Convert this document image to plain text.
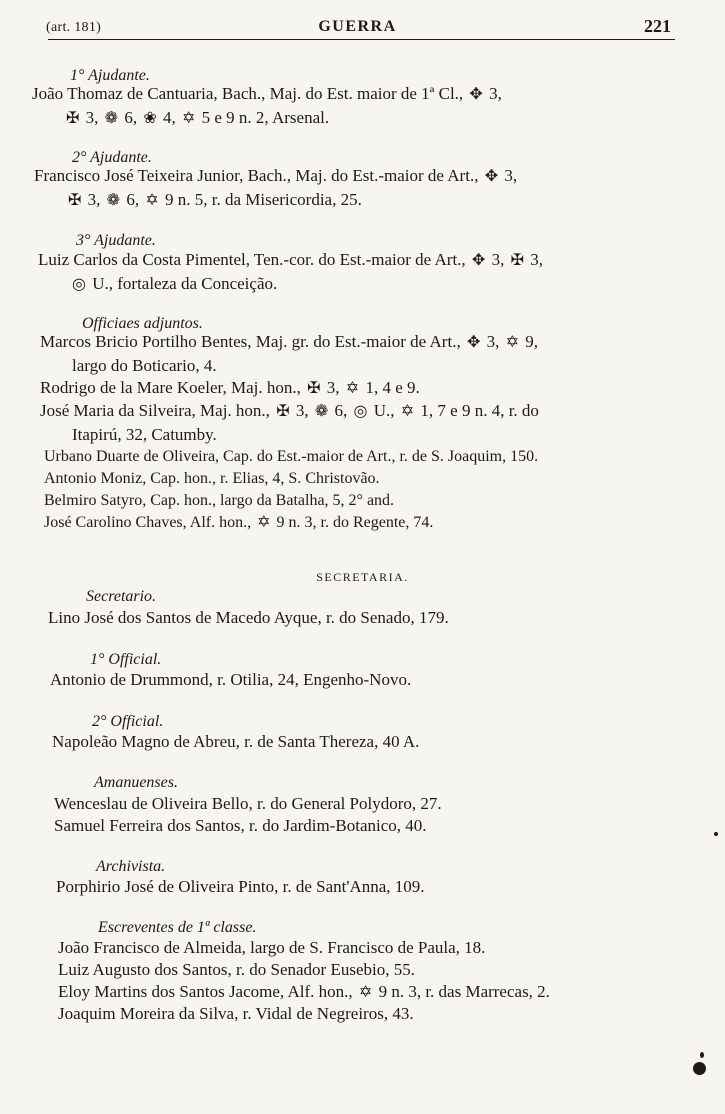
(art. 181)	GUERRA	221
1° Ajudante.
João Thomaz de Cantuaria, Bach., Maj. do Est. maior de 1ª Cl., ✥ 3,
✠ 3, ❁ 6, ❀ 4, ✡ 5 e 9 n. 2, Arsenal.
2° Ajudante.
Francisco José Teixeira Junior, Bach., Maj. do Est.-maior de Art., ✥ 3,
✠ 3, ❁ 6, ✡ 9 n. 5, r. da Misericordia, 25.
3° Ajudante.
Luiz Carlos da Costa Pimentel, Ten.-cor. do Est.-maior de Art., ✥ 3, ✠ 3,
◎ U., fortaleza da Conceição.
Officiaes adjuntos.
Marcos Bricio Portilho Bentes, Maj. gr. do Est.-maior de Art., ✥ 3, ✡ 9,
largo do Boticario, 4.
Rodrigo de la Mare Koeler, Maj. hon., ✠ 3, ✡ 1, 4 e 9.
José Maria da Silveira, Maj. hon., ✠ 3, ❁ 6, ◎ U., ✡ 1, 7 e 9 n. 4, r. do
Itapirú, 32, Catumby.
Urbano Duarte de Oliveira, Cap. do Est.-maior de Art., r. de S. Joaquim, 150.
Antonio Moniz, Cap. hon., r. Elias, 4, S. Christovão.
Belmiro Satyro, Cap. hon., largo da Batalha, 5, 2° and.
José Carolino Chaves, Alf. hon., ✡ 9 n. 3, r. do Regente, 74.
SECRETARIA.
Secretario.
Lino José dos Santos de Macedo Ayque, r. do Senado, 179.
1° Official.
Antonio de Drummond, r. Otilia, 24, Engenho-Novo.
2° Official.
Napoleão Magno de Abreu, r. de Santa Thereza, 40 A.
Amanuenses.
Wenceslau de Oliveira Bello, r. do General Polydoro, 27.
Samuel Ferreira dos Santos, r. do Jardim-Botanico, 40.
Archivista.
Porphirio José de Oliveira Pinto, r. de Sant'Anna, 109.
Escreventes de 1ª classe.
João Francisco de Almeida, largo de S. Francisco de Paula, 18.
Luiz Augusto dos Santos, r. do Senador Eusebio, 55.
Eloy Martins dos Santos Jacome, Alf. hon., ✡ 9 n. 3, r. das Marrecas, 2.
Joaquim Moreira da Silva, r. Vidal de Negreiros, 43.
